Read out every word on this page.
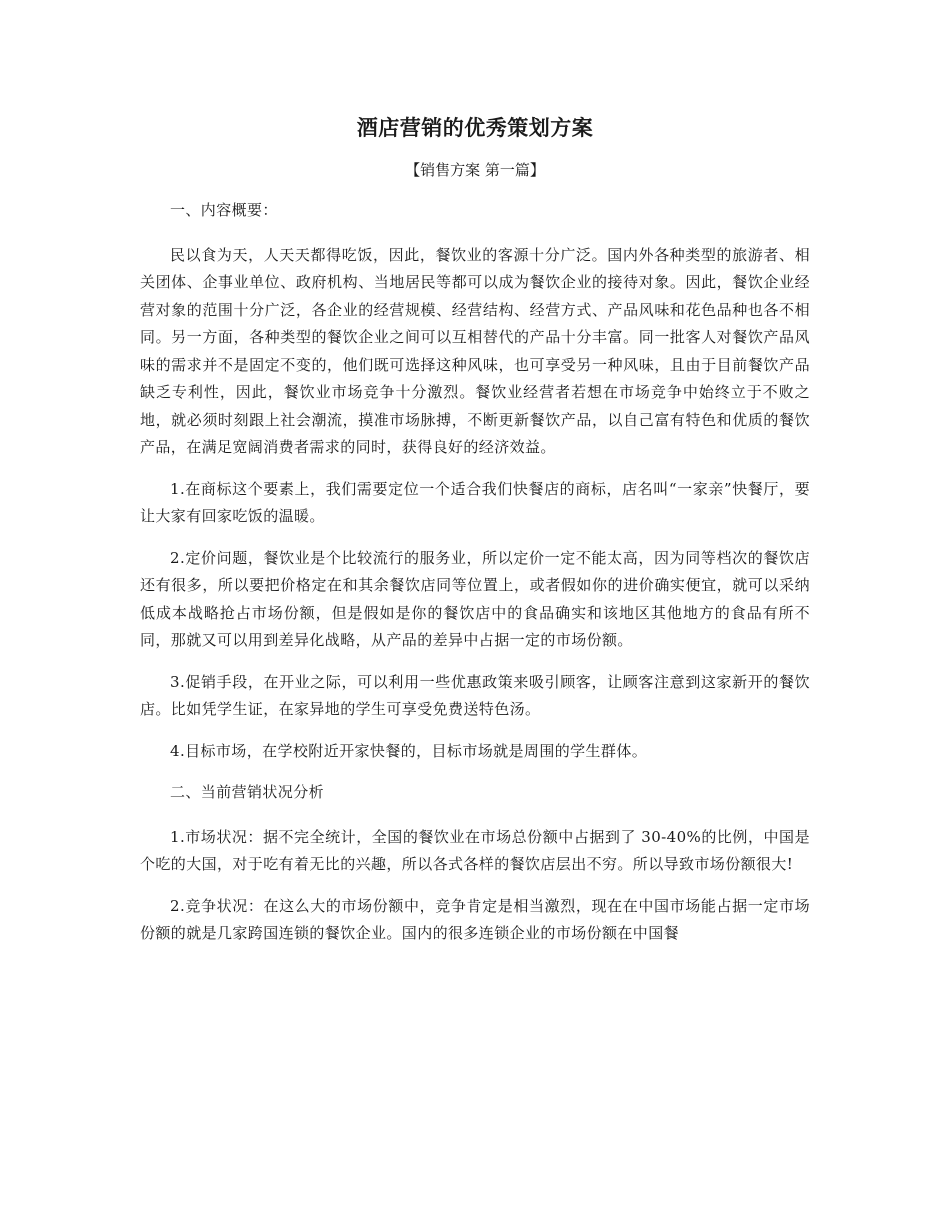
酒店营销的优秀策划方案
【销售方案 第一篇】

一、内容概要：

民以食为天，人天天都得吃饭，因此，餐饮业的客源十分广泛。国内外各种类型的旅游者、相关团体、企事业单位、政府机构、当地居民等都可以成为餐饮企业的接待对象。因此，餐饮企业经营对象的范围十分广泛，各企业的经营规模、经营结构、经营方式、产品风味和花色品种也各不相同。另一方面，各种类型的餐饮企业之间可以互相替代的产品十分丰富。同一批客人对餐饮产品风味的需求并不是固定不变的，他们既可选择这种风味，也可享受另一种风味，且由于目前餐饮产品缺乏专利性，因此，餐饮业市场竞争十分激烈。餐饮业经营者若想在市场竞争中始终立于不败之地，就必须时刻跟上社会潮流，摸准市场脉搏，不断更新餐饮产品，以自己富有特色和优质的餐饮产品，在满足宽阔消费者需求的同时，获得良好的经济效益。

1.在商标这个要素上，我们需要定位一个适合我们快餐店的商标，店名叫“一家亲”快餐厅，要让大家有回家吃饭的温暖。

2.定价问题，餐饮业是个比较流行的服务业，所以定价一定不能太高，因为同等档次的餐饮店还有很多，所以要把价格定在和其余餐饮店同等位置上，或者假如你的进价确实便宜，就可以采纳低成本战略抢占市场份额，但是假如是你的餐饮店中的食品确实和该地区其他地方的食品有所不同，那就又可以用到差异化战略，从产品的差异中占据一定的市场份额。

3.促销手段，在开业之际，可以利用一些优惠政策来吸引顾客，让顾客注意到这家新开的餐饮店。比如凭学生证，在家异地的学生可享受免费送特色汤。

4.目标市场，在学校附近开家快餐的，目标市场就是周围的学生群体。

二、当前营销状况分析

1.市场状况：据不完全统计，全国的餐饮业在市场总份额中占据到了 30-40%的比例，中国是个吃的大国，对于吃有着无比的兴趣，所以各式各样的餐饮店层出不穷。所以导致市场份额很大!

2.竞争状况：在这么大的市场份额中，竞争肯定是相当激烈，现在在中国市场能占据一定市场份额的就是几家跨国连锁的餐饮企业。国内的很多连锁企业的市场份额在中国餐
